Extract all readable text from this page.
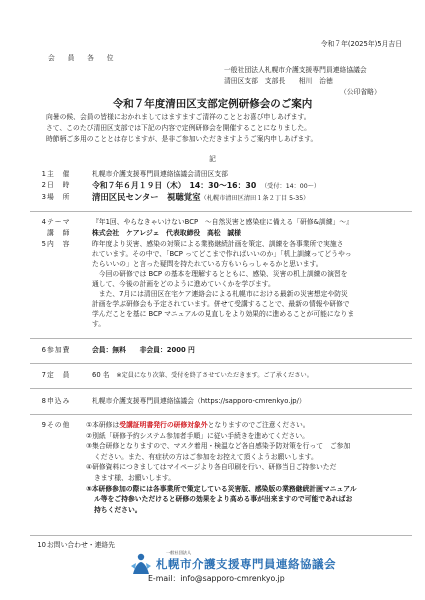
令和７年(2025年)5月吉日
会　員　各　位
一般社団法人札幌市介護支援専門員連絡協議会
清田区支部　支部長　　相川　治徳
（公印省略）
令和７年度清田区支部定例研修会のご案内
向暑の候、会員の皆様におかれましてはますますご清祥のこととお喜び申しあげます。
さて、このたび清田区支部では下記の内容で定例研修会を開催することになりました。
時節柄ご多用のこととは存じますが、是非ご参加いただきますようご案内申しあげます。
記
1 主　催	札幌市介護支援専門員連絡協議会清田区支部
2 日　時	令和７年６月１９日（木）　14：30〜16：30　 （受付：14：00〜）
3 場　所	清田区民センター　視聴覚室（札幌市清田区清田１条２丁目 5-35）
4 テーマ	『年1回、やらなきゃいけないBCP　〜自然災害と感染症に備える「研修&訓練」〜』
講　師	株式会社　ケアレジェ　代表取締役　高松　誠様
5 内　容	昨年度より災害、感染の対策による業務継続計画を策定、訓練を各事業所で実施さ
れています。その中で、「BCP ってどこまで作ればいいのか」「机上訓練ってどうやっ
たらいいの」と言った疑問を持たれている方もいらっしゃるかと思います。
　今回の研修では BCP の基本を理解するとともに、感染、災害の机上訓練の演習を
通して、今後の計画をどのように進めていくかを学びます。
　また、7月には清田区在宅ケア連絡会による札幌市における最新の災害想定や防災
計画を学ぶ研修会も予定されています。併せて受講することで、最新の情報や研修で
学んだことを基に BCP マニュアルの見直しをより効果的に進めることが可能になりま
す。
6 参加費	会員：無料　　非会員：2000 円
7 定　員	60 名　 ※定員になり次第、受付を終了させていただきます。ご了承ください。
8 申込み	札幌市介護支援専門員連絡協議会（https://sapporo-cmrenkyo.jp/）
9 その他 ①本研修は受講証明書発行の研修対象外となりますのでご注意ください。
②別紙「研修予約システム参加者手順」に従い手続きを進めてください。
③集合研修となりますので、マスク着用・検温など各自感染予防対策を行って　ご参加
ください。また、有症状の方はご参加をお控えて頂くようお願いします。
④研修資料につきましてはマイページより各自印刷を行い、研修当日ご持参いただ
きます様、お願いします。
⑤本研修参加の際には各事業所で策定している災害版、感染版の業務継続計画マニュアル
ル等をご持参いただけると研修の効果をより高める事が出来ますので可能であればお
持ちください。
10 お問い合わせ・連絡先
一般社団法人
札幌市介護支援専門員連絡協議会
E-mail：info@sapporo-cmrenkyo.jp
